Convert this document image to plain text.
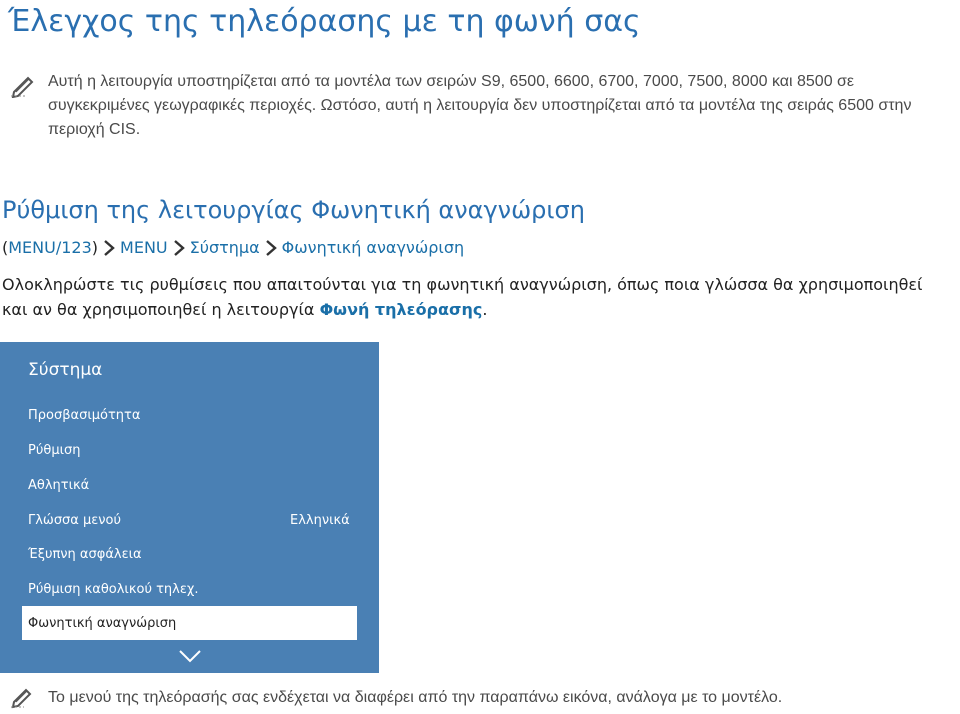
Έλεγχος της τηλεόρασης με τη φωνή σας

Αυτή η λειτουργία υποστηρίζεται από τα μοντέλα των σειρών S9, 6500, 6600, 6700, 7000, 7500, 8000 και 8500 σε συγκεκριμένες γεωγραφικές περιοχές. Ωστόσο, αυτή η λειτουργία δεν υποστηρίζεται από τα μοντέλα της σειράς 6500 στην περιοχή CIS.

Ρύθμιση της λειτουργίας Φωνητική αναγνώριση
( MENU/123 ) MENU Σύστημα Φωνητική αναγνώριση

Ολοκληρώστε τις ρυθμίσεις που απαιτούνται για τη φωνητική αναγνώριση, όπως ποια γλώσσα θα χρησιμοποιηθεί και αν θα χρησιμοποιηθεί η λειτουργία Φωνή τηλεόρασης.

Σύστημα
Προσβασιμότητα
Ρύθμιση
Αθλητικά
Γλώσσα μενού	Ελληνικά
Έξυπνη ασφάλεια
Ρύθμιση καθολικού τηλεχ.
Φωνητική αναγνώριση

Το μενού της τηλεόρασής σας ενδέχεται να διαφέρει από την παραπάνω εικόνα, ανάλογα με το μοντέλο.
